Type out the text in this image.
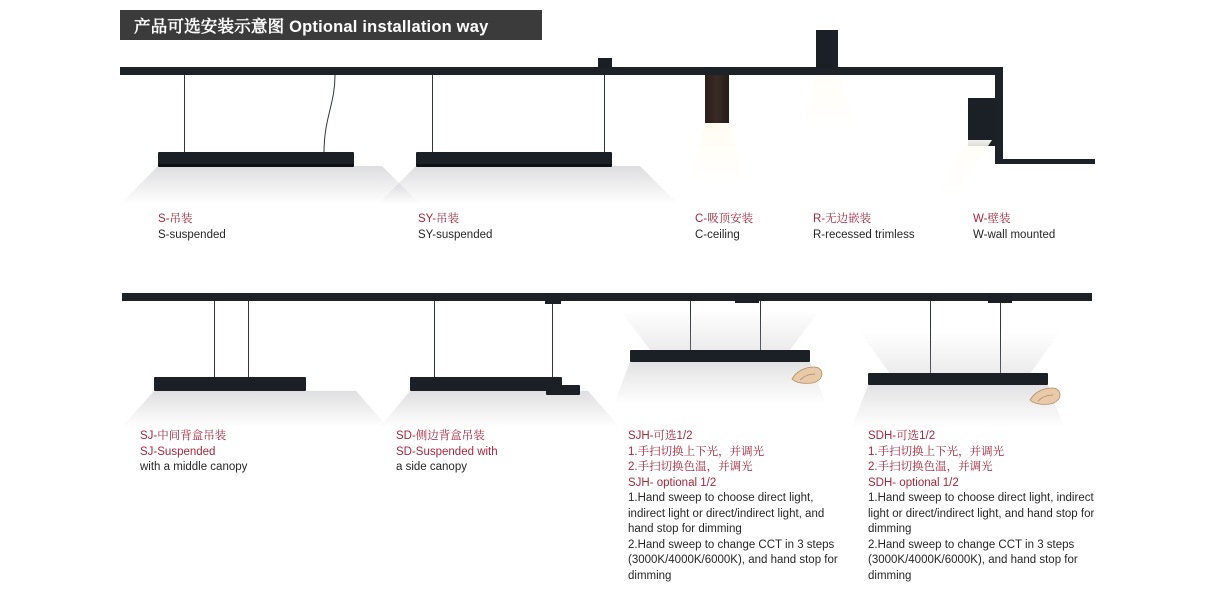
产品可选安装示意图 Optional installation way
S-吊装
S-suspended
SY-吊装
SY-suspended
C-吸顶安装
C-ceiling
R-无边嵌装
R-recessed trimless
W-壁装
W-wall mounted
SJ-中间背盒吊装
SJ-Suspended
with a middle canopy
SD-侧边背盒吊装
SD-Suspended with
a side canopy
SJH-可选1/2
1.手扫切换上下光，并调光
2.手扫切换色温，并调光
SJH- optional 1/2
1.Hand sweep to choose direct light, indirect light or direct/indirect light, and hand stop for dimming
2.Hand sweep to change CCT in 3 steps (3000K/4000K/6000K), and hand stop for dimming
SDH-可选1/2
1.手扫切换上下光，并调光
2.手扫切换色温，并调光
SDH- optional 1/2
1.Hand sweep to choose direct light, indirect light or direct/indirect light, and hand stop for dimming
2.Hand sweep to change CCT in 3 steps (3000K/4000K/6000K), and hand stop for dimming
